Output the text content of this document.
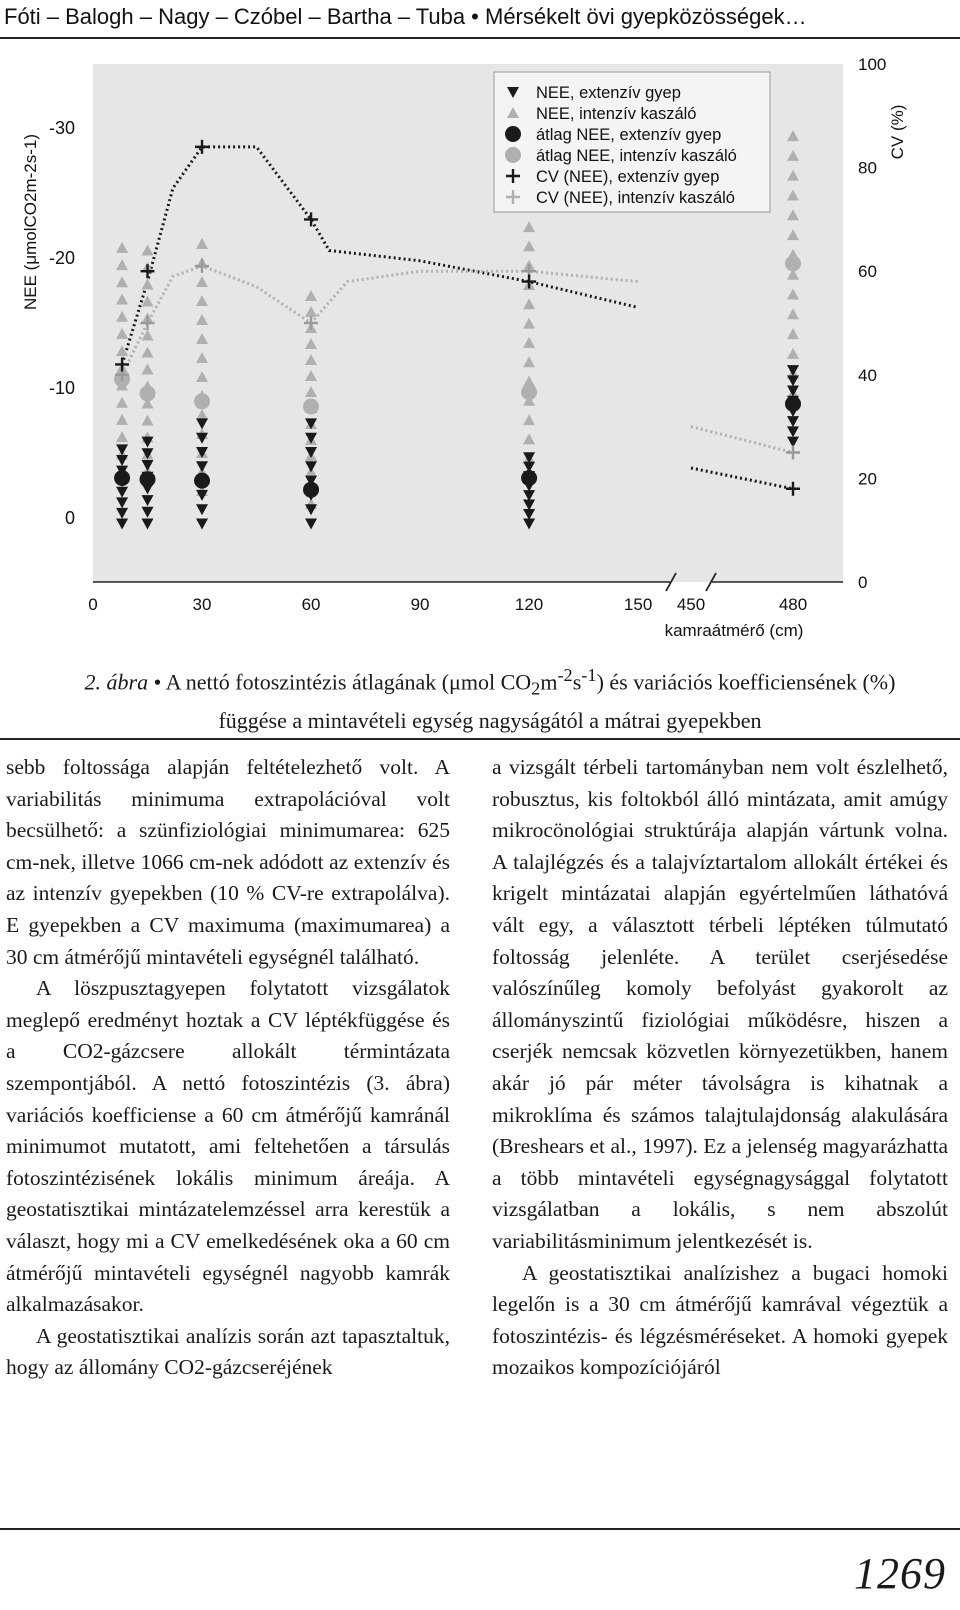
Fóti – Balogh – Nagy – Czóbel – Bartha – Tuba • Mérsékelt övi gyepközösségek…
-30
-20
-10
0
100
80
60
40
20
0
0	30	60	90	120	150 450	480
NEE, extenzív gyep
NEE, intenzív kaszáló
átlag NEE, extenzív gyep
átlag NEE, intenzív kaszáló
CV (NEE), extenzív gyep
CV (NEE), intenzív kaszáló
NEE (μmolCO2m-2s-1)
CV (%)
kamraátmérő (cm)
2. ábra • A nettó fotoszintézis átlagának (μmol $CO_2m^{-2}s^{-1}$) és variációs koefficiensének (%)
függése a mintavételi egység nagyságától a mátrai gyepekben

sebb foltossága alapján feltételezhető volt. A variabilitás minimuma extrapolációval volt becsülhető: a szünfiziológiai minimumarea: 625 cm-nek, illetve 1066 cm-nek adódott az extenzív és az intenzív gyepekben (10 % CV-re extrapolálva). E gyepekben a CV maximuma (maximumarea) a 30 cm átmérőjű mintavételi egységnél található.

A löszpusztagyepen folytatott vizsgálatok meglepő eredményt hoztak a CV léptékfüggése és a CO2-gázcsere allokált términtázata szempontjából. A nettó fotoszintézis (3. ábra) variációs koefficiense a 60 cm átmérőjű kamránál minimumot mutatott, ami feltehetően a társulás fotoszintézisének lokális minimum áreája. A geostatisztikai mintázatelemzéssel arra kerestük a választ, hogy mi a CV emelkedésének oka a 60 cm átmérőjű mintavételi egységnél nagyobb kamrák alkalmazásakor.

A geostatisztikai analízis során azt tapasztaltuk, hogy az állomány CO2-gázcseréjének

a vizsgált térbeli tartományban nem volt észlelhető, robusztus, kis foltokból álló mintázata, amit amúgy mikrocönológiai struktúrája alapján vártunk volna. A talajlégzés és a talajvíztartalom allokált értékei és krigelt mintázatai alapján egyértelműen láthatóvá vált egy, a választott térbeli léptéken túlmutató foltosság jelenléte. A terület cserjésedése valószínűleg komoly befolyást gyakorolt az állományszintű fiziológiai működésre, hiszen a cserjék nemcsak közvetlen környezetükben, hanem akár jó pár méter távolságra is kihatnak a mikroklíma és számos talajtulajdonság alakulására (Breshears et al., 1997). Ez a jelenség magyarázhatta a több mintavételi egységnagysággal folytatott vizsgálatban a lokális, s nem abszolút variabilitásminimum jelentkezését is.

A geostatisztikai analízishez a bugaci homoki legelőn is a 30 cm átmérőjű kamrával végeztük a fotoszintézis- és légzésméréseket. A homoki gyepek mozaikos kompozíciójáról

1269
